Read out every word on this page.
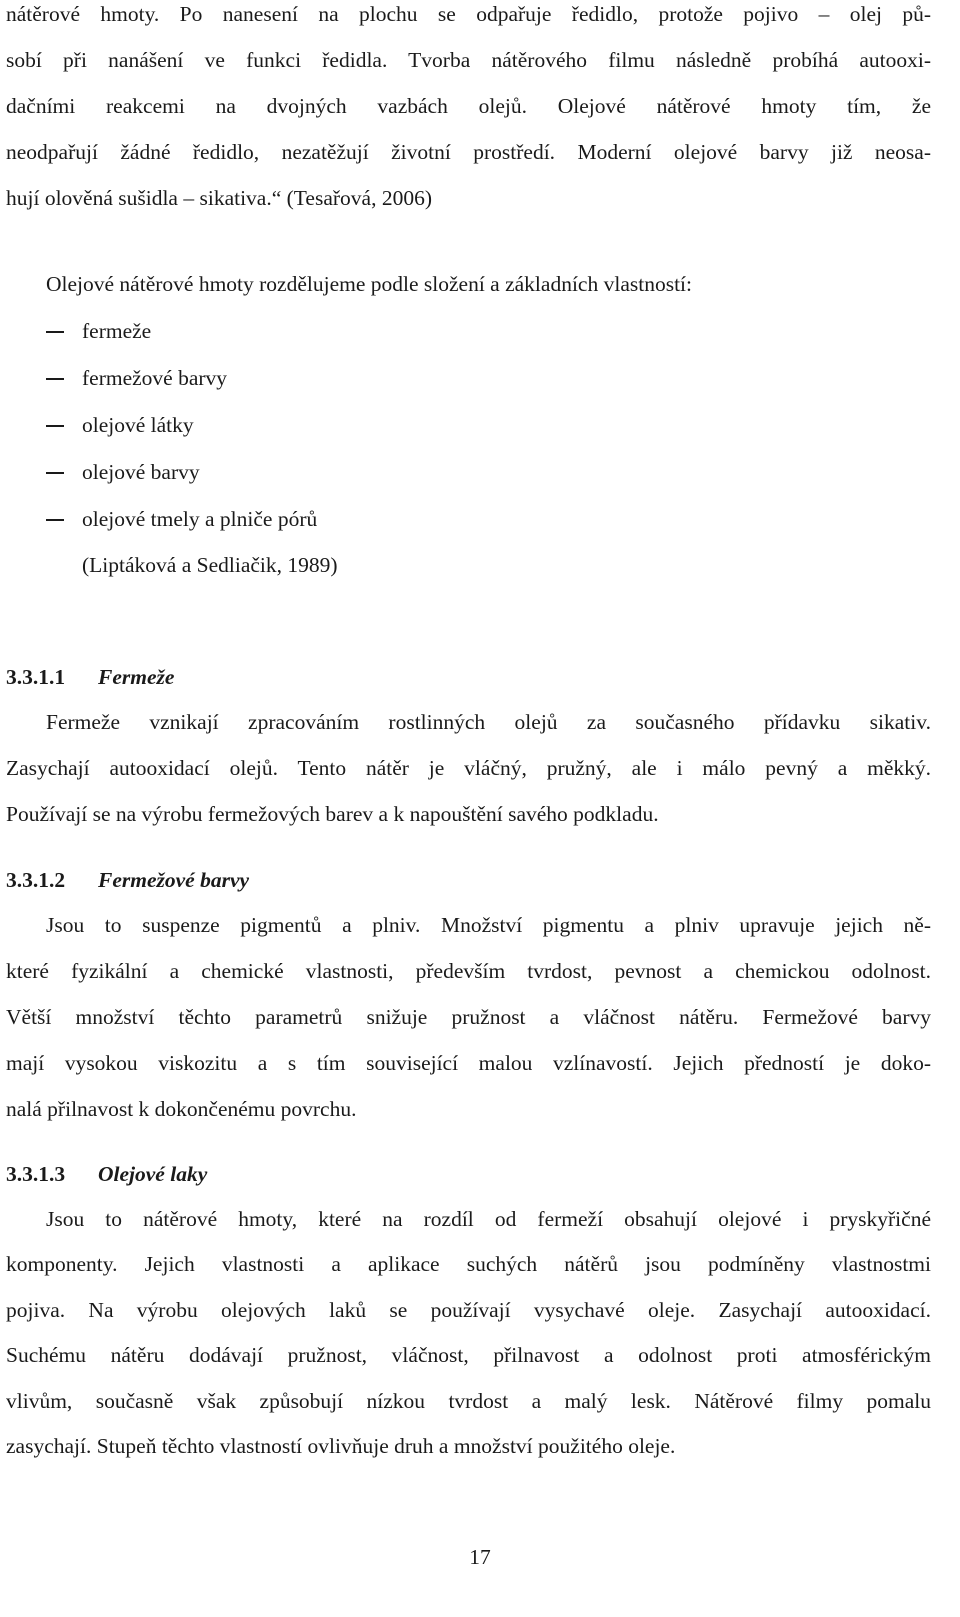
nátěrové hmoty. Po nanesení na plochu se odpařuje ředidlo, protože pojivo – olej pů-
sobí při nanášení ve funkci ředidla. Tvorba nátěrového filmu následně probíhá autooxi-
dačními reakcemi na dvojných vazbách olejů. Olejové nátěrové hmoty tím, že
neodpařují žádné ředidlo, nezatěžují životní prostředí. Moderní olejové barvy již neosa-
hují olověná sušidla – sikativa.“ (Tesařová, 2006)
Olejové nátěrové hmoty rozdělujeme podle složení a základních vlastností:
fermeže
fermežové barvy
olejové látky
olejové barvy
olejové tmely a plniče pórů
(Liptáková a Sedliačik, 1989)
3.3.1.1 Fermeže
Fermeže vznikají zpracováním rostlinných olejů za současného přídavku sikativ.
Zasychají autooxidací olejů. Tento nátěr je vláčný, pružný, ale i málo pevný a měkký.
Používají se na výrobu fermežových barev a k napouštění savého podkladu.
3.3.1.2 Fermežové barvy
Jsou to suspenze pigmentů a plniv. Množství pigmentu a plniv upravuje jejich ně-
které fyzikální a chemické vlastnosti, především tvrdost, pevnost a chemickou odolnost.
Větší množství těchto parametrů snižuje pružnost a vláčnost nátěru. Fermežové barvy
mají vysokou viskozitu a s tím související malou vzlínavostí. Jejich předností je doko-
nalá přilnavost k dokončenému povrchu.
3.3.1.3 Olejové laky
Jsou to nátěrové hmoty, které na rozdíl od fermeží obsahují olejové i pryskyřičné
komponenty. Jejich vlastnosti a aplikace suchých nátěrů jsou podmíněny vlastnostmi
pojiva. Na výrobu olejových laků se používají vysychavé oleje. Zasychají autooxidací.
Suchému nátěru dodávají pružnost, vláčnost, přilnavost a odolnost proti atmosférickým
vlivům, současně však způsobují nízkou tvrdost a malý lesk. Nátěrové filmy pomalu
zasychají. Stupeň těchto vlastností ovlivňuje druh a množství použitého oleje.
17
